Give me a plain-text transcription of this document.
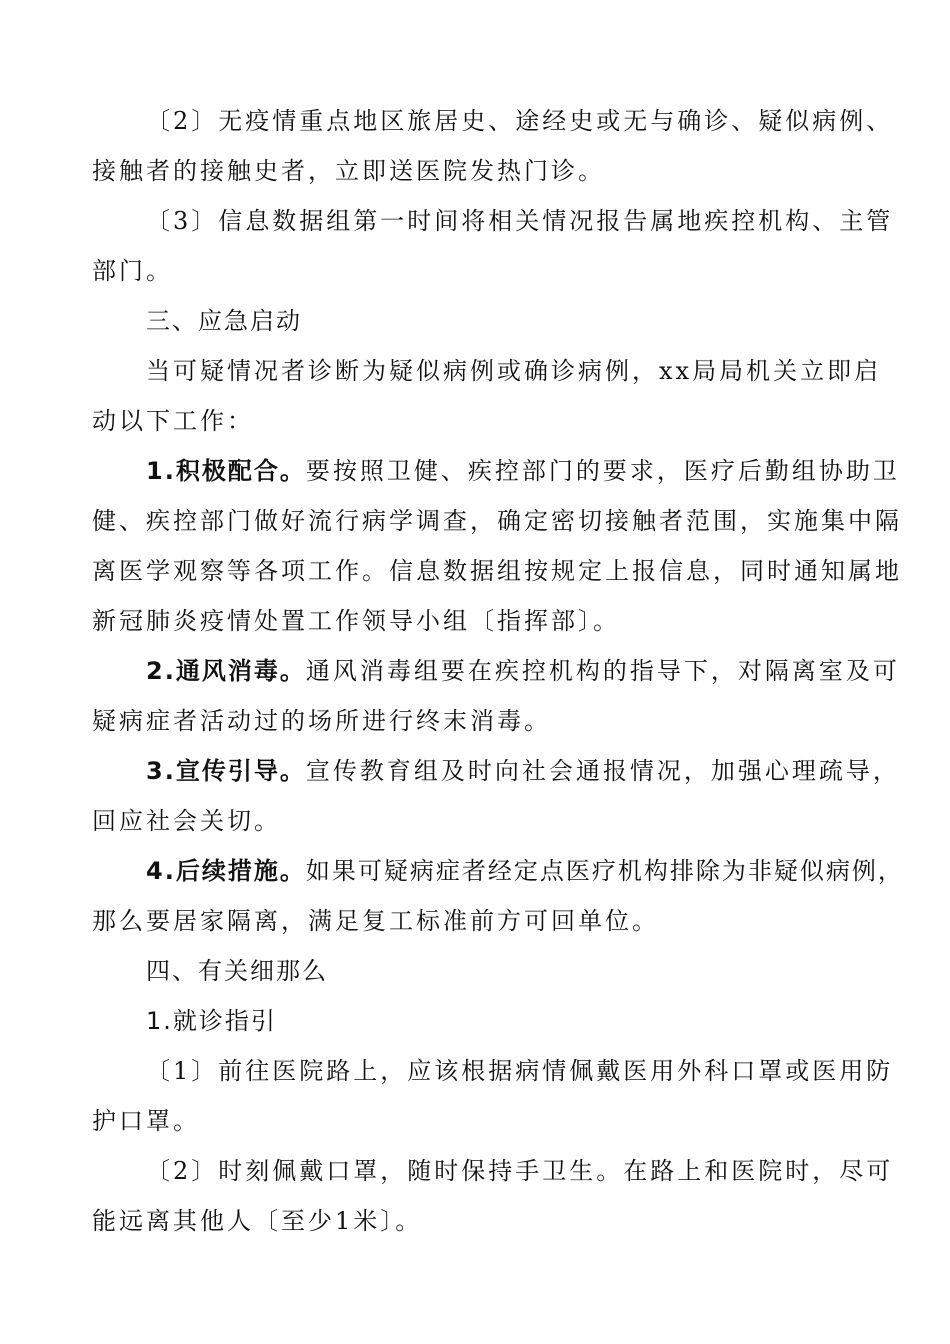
〔2〕无疫情重点地区旅居史、途经史或无与确诊、疑似病例、
接触者的接触史者，立即送医院发热门诊。
〔3〕信息数据组第一时间将相关情况报告属地疾控机构、主管
部门。
三、应急启动
当可疑情况者诊断为疑似病例或确诊病例，xx局局机关立即启
动以下工作：
1.积极配合。要按照卫健、疾控部门的要求，医疗后勤组协助卫
健、疾控部门做好流行病学调查，确定密切接触者范围，实施集中隔
离医学观察等各项工作。信息数据组按规定上报信息，同时通知属地
新冠肺炎疫情处置工作领导小组〔指挥部〕。
2.通风消毒。通风消毒组要在疾控机构的指导下，对隔离室及可
疑病症者活动过的场所进行终末消毒。
3.宣传引导。宣传教育组及时向社会通报情况，加强心理疏导，
回应社会关切。
4.后续措施。如果可疑病症者经定点医疗机构排除为非疑似病例，
那么要居家隔离，满足复工标准前方可回单位。
四、有关细那么
1.就诊指引
〔1〕前往医院路上，应该根据病情佩戴医用外科口罩或医用防
护口罩。
〔2〕时刻佩戴口罩，随时保持手卫生。在路上和医院时，尽可
能远离其他人〔至少1米〕。
